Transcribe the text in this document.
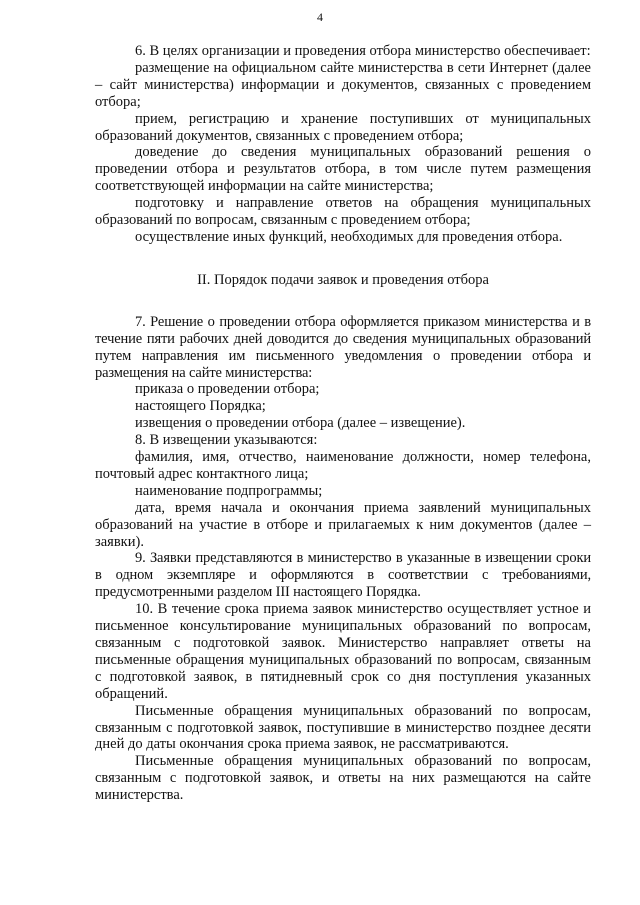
4

6. В целях организации и проведения отбора министерство обеспечивает:

размещение на официальном сайте министерства в сети Интернет (далее – сайт министерства) информации и документов, связанных с проведением отбора;

прием, регистрацию и хранение поступивших от муниципальных образований документов, связанных с проведением отбора;

доведение до сведения муниципальных образований решения о проведении отбора и результатов отбора, в том числе путем размещения соответствующей информации на сайте министерства;

подготовку и направление ответов на обращения муниципальных образований по вопросам, связанным с проведением отбора;

осуществление иных функций, необходимых для проведения отбора.

II. Порядок подачи заявок и проведения отбора

7. Решение о проведении отбора оформляется приказом министерства и в течение пяти рабочих дней доводится до сведения муниципальных образований путем направления им письменного уведомления о проведении отбора и размещения на сайте министерства:

приказа о проведении отбора;

настоящего Порядка;

извещения о проведении отбора (далее – извещение).

8. В извещении указываются:

фамилия, имя, отчество, наименование должности, номер телефона, почтовый адрес контактного лица;

наименование подпрограммы;

дата, время начала и окончания приема заявлений муниципальных образований на участие в отборе и прилагаемых к ним документов (далее – заявки).

9. Заявки представляются в министерство в указанные в извещении сроки в одном экземпляре и оформляются в соответствии с требованиями, предусмотренными разделом III настоящего Порядка.

10. В течение срока приема заявок министерство осуществляет устное и письменное консультирование муниципальных образований по вопросам, связанным с подготовкой заявок. Министерство направляет ответы на письменные обращения муниципальных образований по вопросам, связанным с подготовкой заявок, в пятидневный срок со дня поступления указанных обращений.

Письменные обращения муниципальных образований по вопросам, связанным с подготовкой заявок, поступившие в министерство позднее десяти дней до даты окончания срока приема заявок, не рассматриваются.

Письменные обращения муниципальных образований по вопросам, связанным с подготовкой заявок, и ответы на них размещаются на сайте министерства.
